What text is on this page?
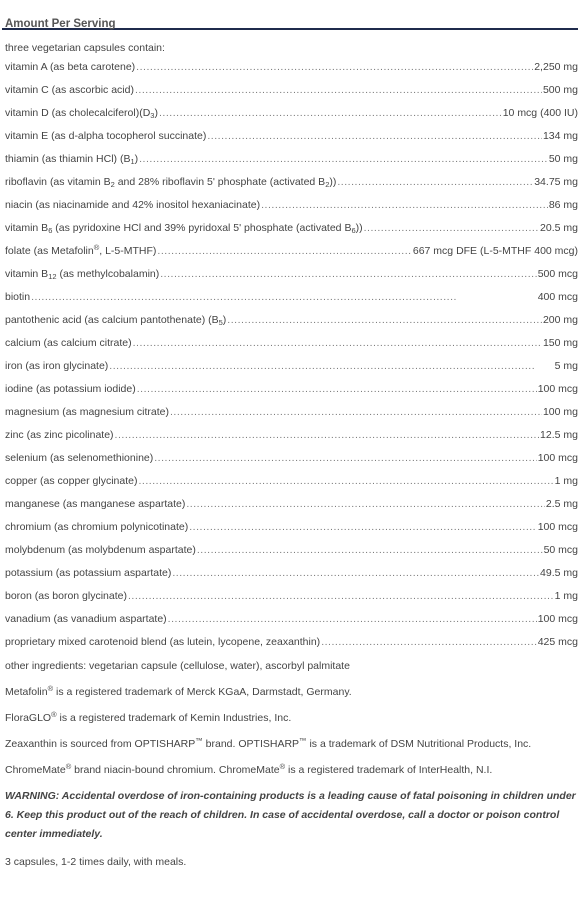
Amount Per Serving
three vegetarian capsules contain:
vitamin A (as beta carotene) . . .	2,250 mg
vitamin C (as ascorbic acid) . . .	500 mg
vitamin D (as $cholecalciferol)(D_3)$ . . .	10 mcg (400 IU)
vitamin E (as d-alpha tocopherol succinate) . . .	134 mg
thiamin (as thiamin HCl) $(B_1)$ . . .	50 mg
riboflavin (as vitamin $B_2$ and 28% riboflavin 5' phosphate (activated $B_2$)) . . .	34.75 mg
niacin (as niacinamide and 42% inositol hexaniacinate) . . .	86 mg
vitamin $B_6$ (as pyridoxine HCl and 39% pyridoxal 5' phosphate (activated $B_6$)) . . .	20.5 mg
folate (as Metafolin®, L-5-MTHF) . . .	667 mcg DFE (L-5-MTHF 400 mcg)
vitamin $B_{12}$ (as methylcobalamin) . . .	500 mcg
biotin . . .	400 mcg
pantothenic acid (as calcium pantothenate) $(B_5)$ . . .	200 mg
calcium (as calcium citrate) . . .	150 mg
iron (as iron glycinate) . . .	5 mg
iodine (as potassium iodide) . . .	100 mcg
magnesium (as magnesium citrate) . . .	100 mg
zinc (as zinc picolinate) . . .	12.5 mg
selenium (as selenomethionine) . . .	100 mcg
copper (as copper glycinate) . . .	1 mg
manganese (as manganese aspartate) . . .	2.5 mg
chromium (as chromium polynicotinate) . . .	100 mcg
molybdenum (as molybdenum aspartate) . . .	50 mcg
potassium (as potassium aspartate) . . .	49.5 mg
boron (as boron glycinate) . . .	1 mg
vanadium (as vanadium aspartate) . . .	100 mcg
proprietary mixed carotenoid blend (as lutein, lycopene, zeaxanthin) . . .	425 mcg
other ingredients: vegetarian capsule (cellulose, water), ascorbyl palmitate
Metafolin® is a registered trademark of Merck KGaA, Darmstadt, Germany.
FloraGLO® is a registered trademark of Kemin Industries, Inc.
Zeaxanthin is sourced from OPTISHARP™ brand. OPTISHARP™ is a trademark of DSM Nutritional Products, Inc.
ChromeMate® brand niacin-bound chromium. ChromeMate® is a registered trademark of InterHealth, N.I.
WARNING: Accidental overdose of iron-containing products is a leading cause of fatal poisoning in children under 6. Keep this product out of the reach of children. In case of accidental overdose, call a doctor or poison control center immediately.
3 capsules, 1-2 times daily, with meals.
